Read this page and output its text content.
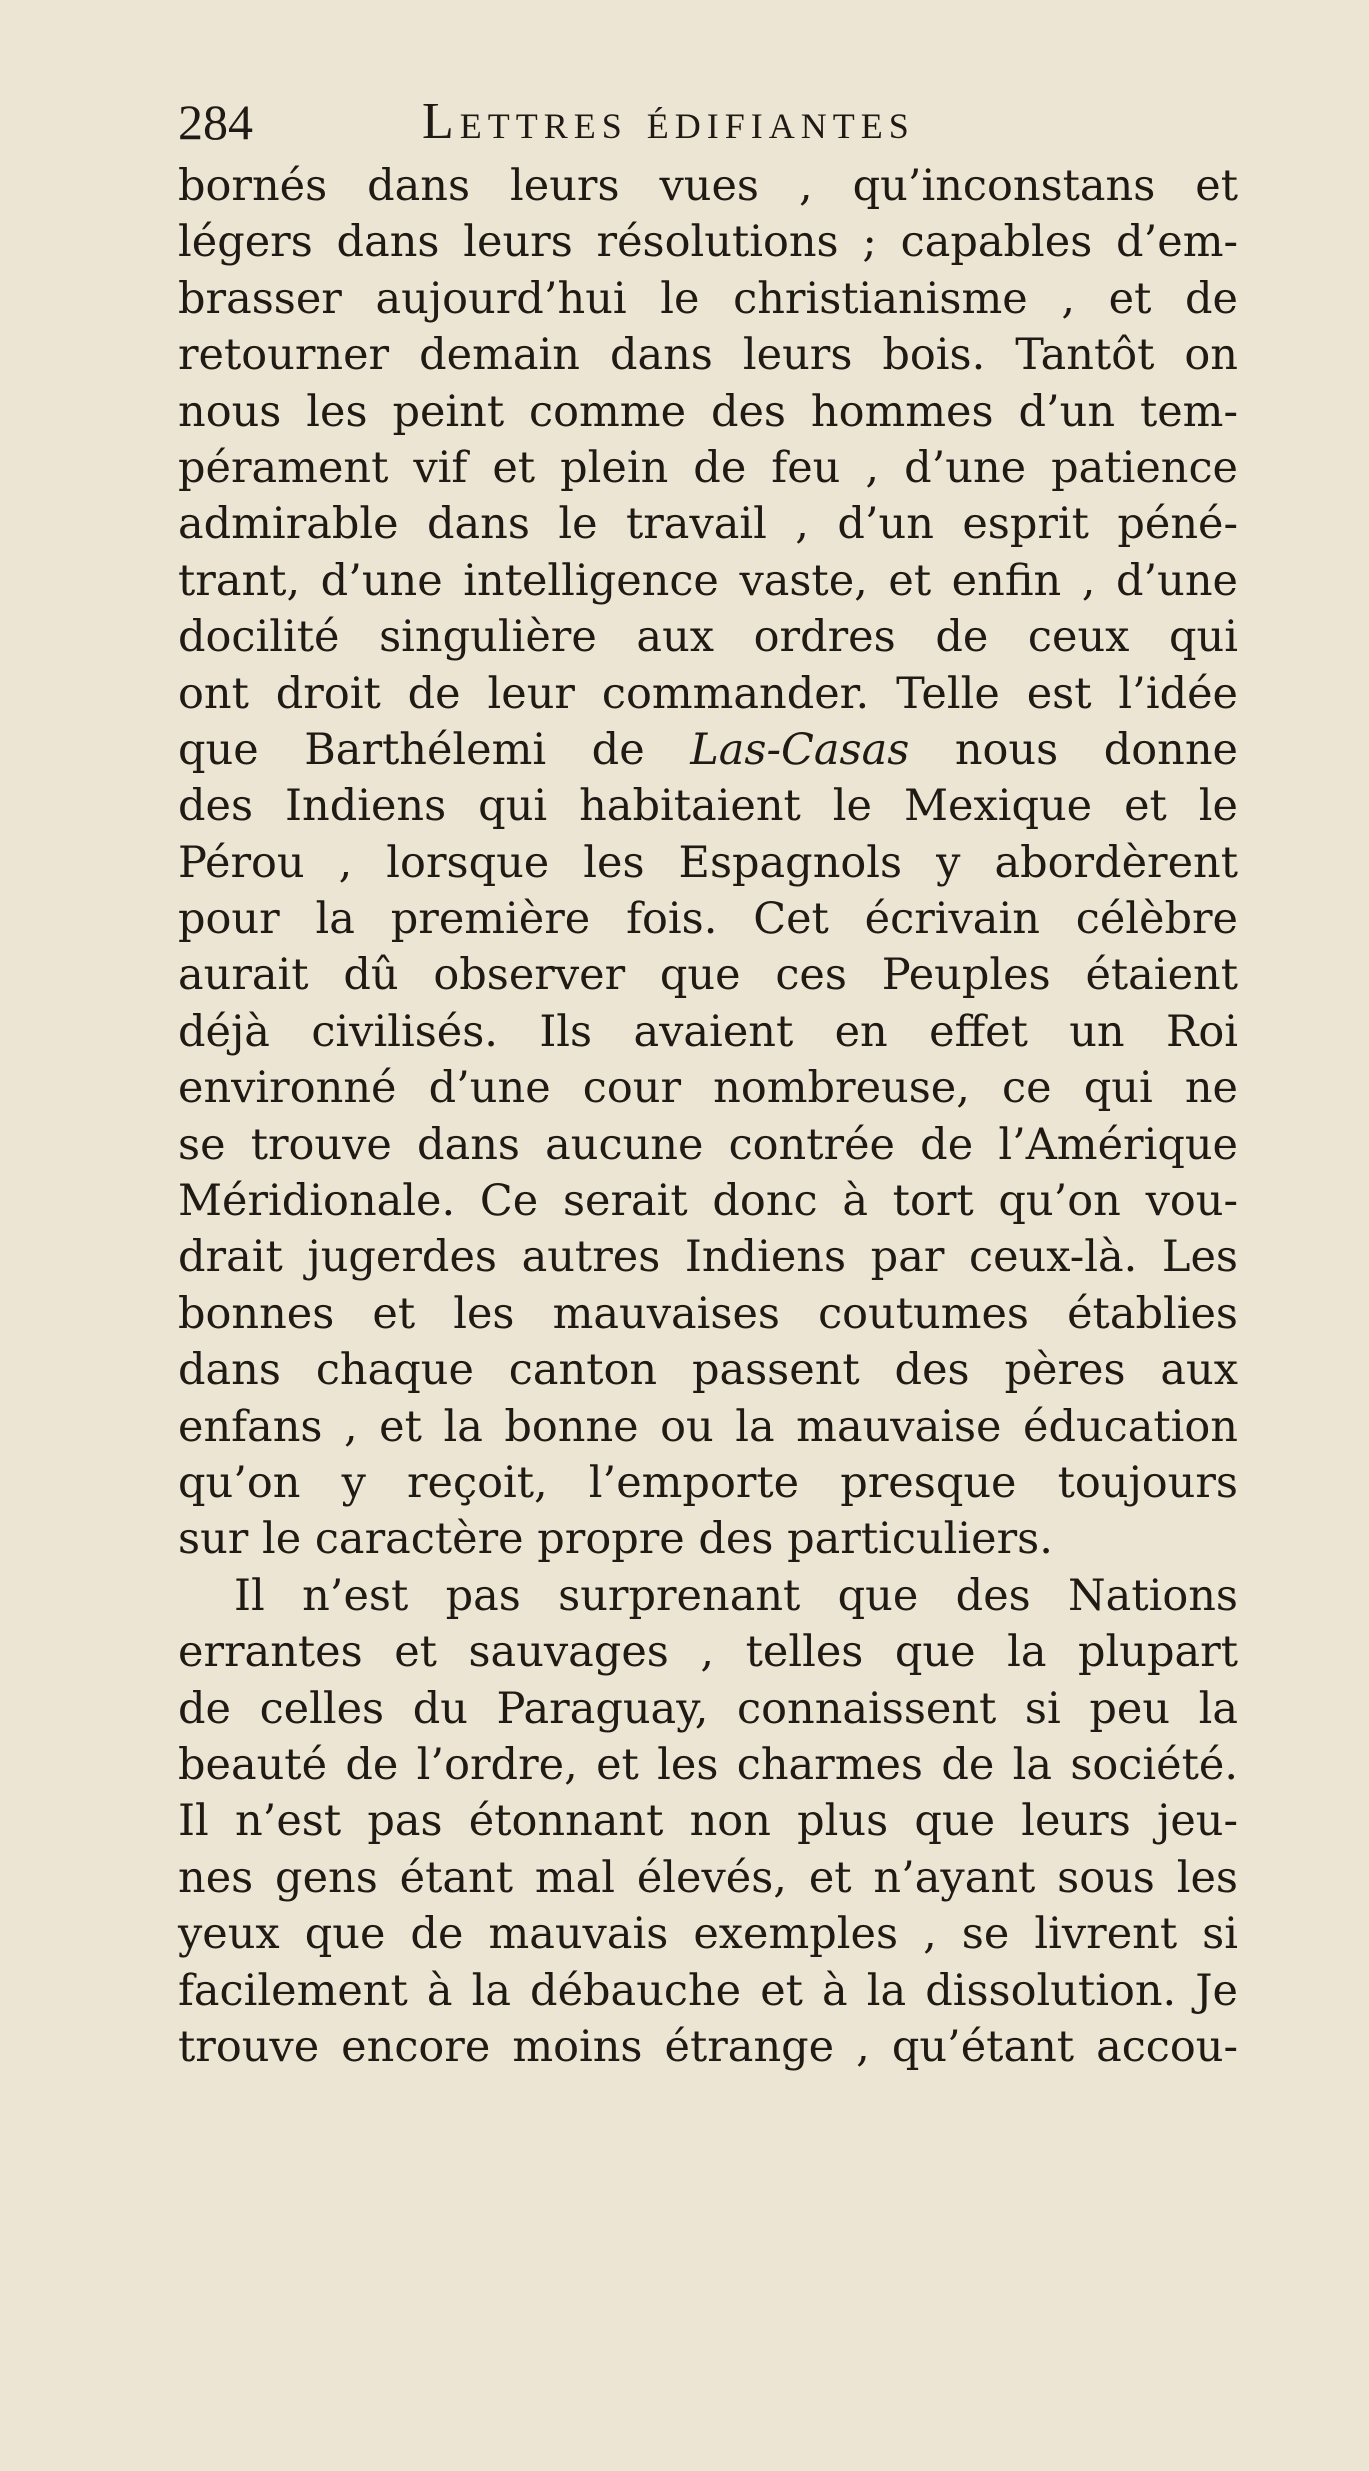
284	Lettres édifiantes
bornés dans leurs vues , qu’inconstans et
légers dans leurs résolutions ; capables d’em-
brasser aujourd’hui le christianisme , et de
retourner demain dans leurs bois. Tantôt on
nous les peint comme des hommes d’un tem-
pérament vif et plein de feu , d’une patience
admirable dans le travail , d’un esprit péné-
trant, d’une intelligence vaste, et enfin , d’une
docilité singulière aux ordres de ceux qui
ont droit de leur commander. Telle est l’idée
que Barthélemi de Las-Casas nous donne
des Indiens qui habitaient le Mexique et le
Pérou , lorsque les Espagnols y abordèrent
pour la première fois. Cet écrivain célèbre
aurait dû observer que ces Peuples étaient
déjà civilisés. Ils avaient en effet un Roi
environné d’une cour nombreuse, ce qui ne
se trouve dans aucune contrée de l’Amérique
Méridionale. Ce serait donc à tort qu’on vou-
drait jugerdes autres Indiens par ceux-là. Les
bonnes et les mauvaises coutumes établies
dans chaque canton passent des pères aux
enfans , et la bonne ou la mauvaise éducation
qu’on y reçoit, l’emporte presque toujours
sur le caractère propre des particuliers.
Il n’est pas surprenant que des Nations
errantes et sauvages , telles que la plupart
de celles du Paraguay, connaissent si peu la
beauté de l’ordre, et les charmes de la société.
Il n’est pas étonnant non plus que leurs jeu-
nes gens étant mal élevés, et n’ayant sous les
yeux que de mauvais exemples , se livrent si
facilement à la débauche et à la dissolution. Je
trouve encore moins étrange , qu’étant accou-
